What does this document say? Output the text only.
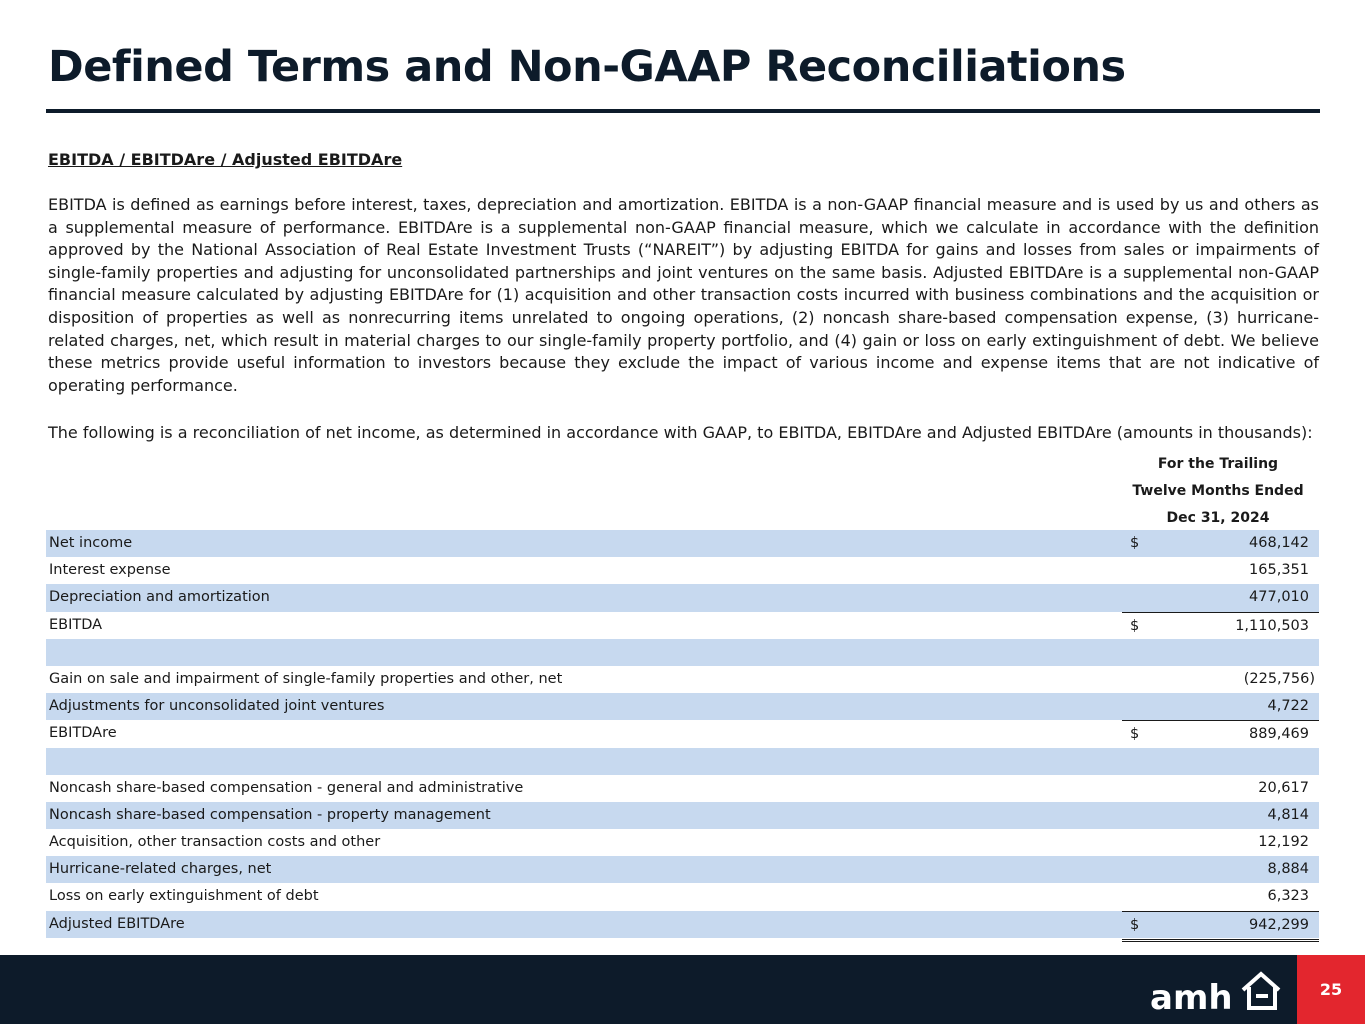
Defined Terms and Non-GAAP Reconciliations
EBITDA / EBITDAre / Adjusted EBITDAre
EBITDA is defined as earnings before interest, taxes, depreciation and amortization. EBITDA is a non-GAAP financial measure and is used by us and others as a supplemental measure of performance. EBITDAre is a supplemental non-GAAP financial measure, which we calculate in accordance with the definition approved by the National Association of Real Estate Investment Trusts (“NAREIT”) by adjusting EBITDA for gains and losses from sales or impairments of single-family properties and adjusting for unconsolidated partnerships and joint ventures on the same basis. Adjusted EBITDAre is a supplemental non-GAAP financial measure calculated by adjusting EBITDAre for (1) acquisition and other transaction costs incurred with business combinations and the acquisition or disposition of properties as well as nonrecurring items unrelated to ongoing operations, (2) noncash share-based compensation expense, (3) hurricane-related charges, net, which result in material charges to our single-family property portfolio, and (4) gain or loss on early extinguishment of debt. We believe these metrics provide useful information to investors because they exclude the impact of various income and expense items that are not indicative of operating performance.
The following is a reconciliation of net income, as determined in accordance with GAAP, to EBITDA, EBITDAre and Adjusted EBITDAre (amounts in thousands):
For the Trailing
Twelve Months Ended
Dec 31, 2024
Net income	$	468,142
Interest expense	165,351
Depreciation and amortization	477,010
EBITDA	$	1,110,503
Gain on sale and impairment of single-family properties and other, net	(225,756)
Adjustments for unconsolidated joint ventures	4,722
EBITDAre	$	889,469
Noncash share-based compensation - general and administrative	20,617
Noncash share-based compensation - property management	4,814
Acquisition, other transaction costs and other	12,192
Hurricane-related charges, net	8,884
Loss on early extinguishment of debt	6,323
Adjusted EBITDAre	$	942,299
amh	25
